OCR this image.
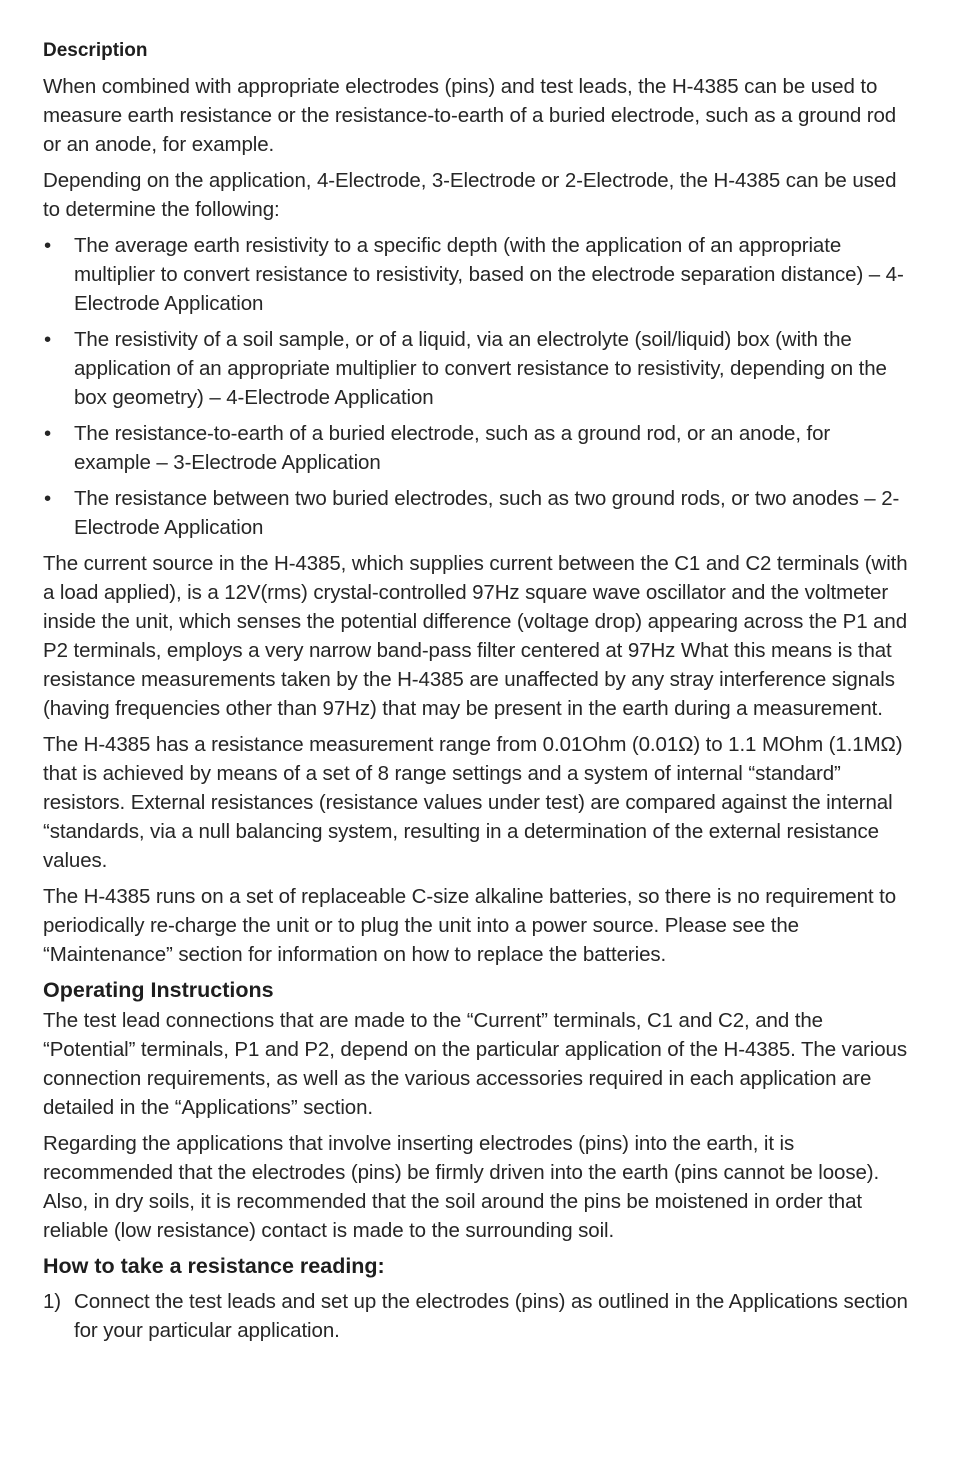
Description

When combined with appropriate electrodes (pins) and test leads, the H-4385 can be used to measure earth resistance or the resistance-to-earth of a buried electrode, such as a ground rod or an anode, for example.

Depending on the application, 4-Electrode, 3-Electrode or 2-Electrode, the H-4385 can be used to determine the following:

• The average earth resistivity to a specific depth (with the application of an appropriate multiplier to convert resistance to resistivity, based on the electrode separation distance) – 4-Electrode Application
• The resistivity of a soil sample, or of a liquid, via an electrolyte (soil/liquid) box (with the application of an appropriate multiplier to convert resistance to resistivity, depending on the box geometry) – 4-Electrode Application
• The resistance-to-earth of a buried electrode, such as a ground rod, or an anode, for example – 3-Electrode Application
• The resistance between two buried electrodes, such as two ground rods, or two anodes – 2-Electrode Application

The current source in the H-4385, which supplies current between the C1 and C2 terminals (with a load applied), is a 12V(rms) crystal-controlled 97Hz square wave oscillator and the voltmeter inside the unit, which senses the potential difference (voltage drop) appearing across the P1 and P2 terminals, employs a very narrow band-pass filter centered at 97Hz What this means is that resistance measurements taken by the H-4385 are unaffected by any stray interference signals (having frequencies other than 97Hz) that may be present in the earth during a measurement.

The H-4385 has a resistance measurement range from 0.01Ohm (0.01Ω) to 1.1 MOhm (1.1MΩ) that is achieved by means of a set of 8 range settings and a system of internal “standard” resistors. External resistances (resistance values under test) are compared against the internal “standards, via a null balancing system, resulting in a determination of the external resistance values.

The H-4385 runs on a set of replaceable C-size alkaline batteries, so there is no requirement to periodically re-charge the unit or to plug the unit into a power source. Please see the “Maintenance” section for information on how to replace the batteries.

Operating Instructions

The test lead connections that are made to the “Current” terminals, C1 and C2, and the “Potential” terminals, P1 and P2, depend on the particular application of the H-4385. The various connection requirements, as well as the various accessories required in each application are detailed in the “Applications” section.

Regarding the applications that involve inserting electrodes (pins) into the earth, it is recommended that the electrodes (pins) be firmly driven into the earth (pins cannot be loose). Also, in dry soils, it is recommended that the soil around the pins be moistened in order that reliable (low resistance) contact is made to the surrounding soil.

How to take a resistance reading:
1) Connect the test leads and set up the electrodes (pins) as outlined in the Applications section for your particular application.
